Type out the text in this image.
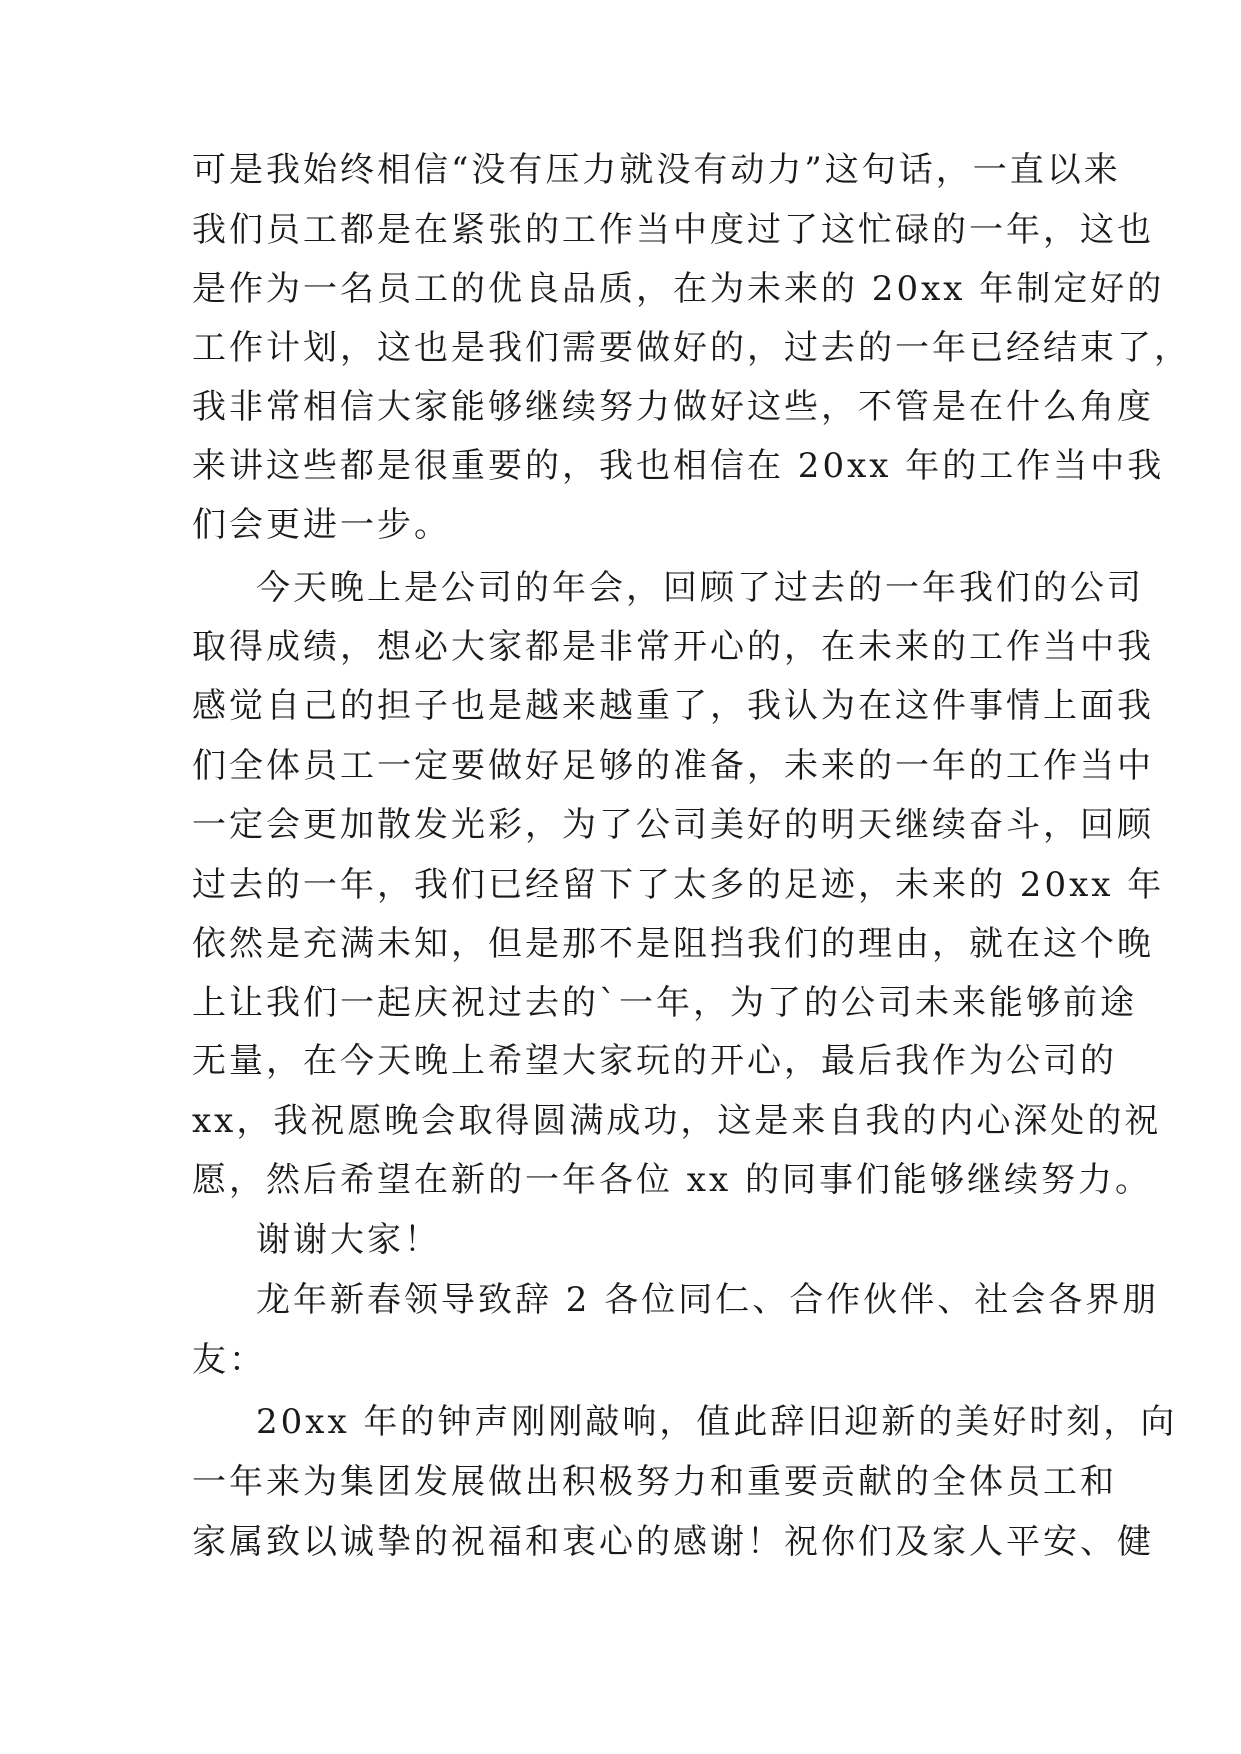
可是我始终相信“没有压力就没有动力”这句话，一直以来
我们员工都是在紧张的工作当中度过了这忙碌的一年，这也
是作为一名员工的优良品质，在为未来的 20xx 年制定好的
工作计划，这也是我们需要做好的，过去的一年已经结束了，
我非常相信大家能够继续努力做好这些，不管是在什么角度
来讲这些都是很重要的，我也相信在 20xx 年的工作当中我
们会更进一步。
今天晚上是公司的年会，回顾了过去的一年我们的公司
取得成绩，想必大家都是非常开心的，在未来的工作当中我
感觉自己的担子也是越来越重了，我认为在这件事情上面我
们全体员工一定要做好足够的准备，未来的一年的工作当中
一定会更加散发光彩，为了公司美好的明天继续奋斗，回顾
过去的一年，我们已经留下了太多的足迹，未来的 20xx 年
依然是充满未知，但是那不是阻挡我们的理由，就在这个晚
上让我们一起庆祝过去的`一年，为了的公司未来能够前途
无量，在今天晚上希望大家玩的开心，最后我作为公司的
xx，我祝愿晚会取得圆满成功，这是来自我的内心深处的祝
愿，然后希望在新的一年各位 xx 的同事们能够继续努力。
谢谢大家！
龙年新春领导致辞 2 各位同仁、合作伙伴、社会各界朋
友：
20xx 年的钟声刚刚敲响，值此辞旧迎新的美好时刻，向
一年来为集团发展做出积极努力和重要贡献的全体员工和
家属致以诚挚的祝福和衷心的感谢！祝你们及家人平安、健
